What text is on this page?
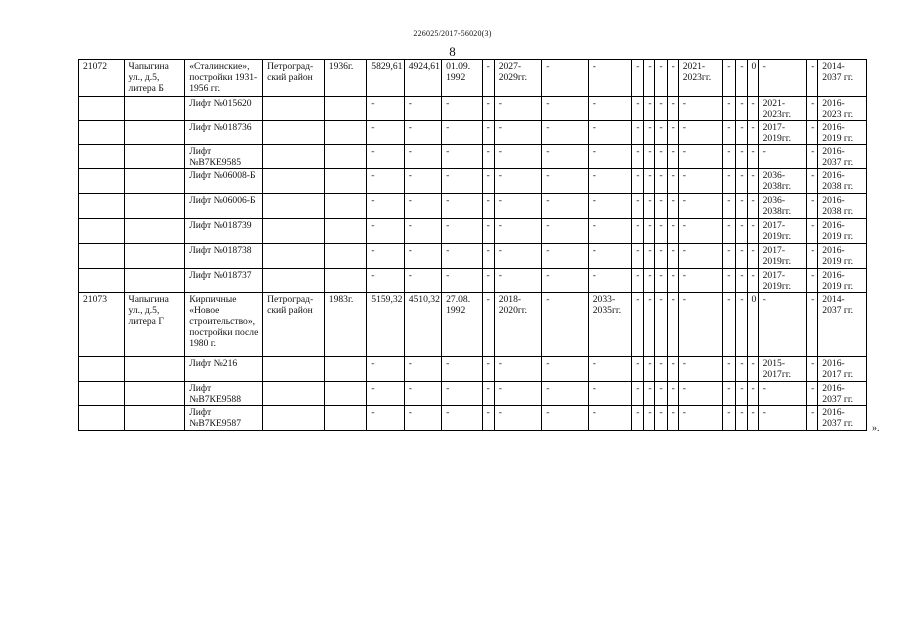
226025/2017-56020(3)
8
21072	Чапыгина ул., д.5, литера Б	«Сталинские», постройки 1931-1956 гг.	Петроград-ский район	1936г.	5829,61	4924,61	01.09. 1992	-	2027-2029гг.	-	-	-	-	-	-	2021-2023гг.	-	-	0	-	-	2014-2037 гг.
		Лифт №015620			-	-	-	-	-	-	-	-	-	-	-	-	-	-	-	2021-2023гг.	-	2016-2023 гг.
		Лифт №018736			-	-	-	-	-	-	-	-	-	-	-	-	-	-	-	2017-2019гг.	-	2016-2019 гг.
		Лифт №В7КЕ9585			-	-	-	-	-	-	-	-	-	-	-	-	-	-	-	-	-	2016-2037 гг.
		Лифт №06008-Б			-	-	-	-	-	-	-	-	-	-	-	-	-	-	-	2036-2038гг.	-	2016-2038 гг.
		Лифт №06006-Б			-	-	-	-	-	-	-	-	-	-	-	-	-	-	-	2036-2038гг.	-	2016-2038 гг.
		Лифт №018739			-	-	-	-	-	-	-	-	-	-	-	-	-	-	-	2017-2019гг.	-	2016-2019 гг.
		Лифт №018738			-	-	-	-	-	-	-	-	-	-	-	-	-	-	-	2017-2019гг.	-	2016-2019 гг.
		Лифт №018737			-	-	-	-	-	-	-	-	-	-	-	-	-	-	-	2017-2019гг.	-	2016-2019 гг.
21073	Чапыгина ул., д.5, литера Г	Кирпичные «Новое строительство», постройки после 1980 г.	Петроград-ский район	1983г.	5159,32	4510,32	27.08. 1992	-	2018-2020гг.	-	2033-2035гг.	-	-	-	-	-	-	-	0	-	-	2014-2037 гг.
		Лифт №216			-	-	-	-	-	-	-	-	-	-	-	-	-	-	-	2015-2017гг.	-	2016-2017 гг.
		Лифт №В7КЕ9588			-	-	-	-	-	-	-	-	-	-	-	-	-	-	-	-	-	2016-2037 гг.
		Лифт №В7КЕ9587			-	-	-	-	-	-	-	-	-	-	-	-	-	-	-	-	-	2016-2037 гг. ».
